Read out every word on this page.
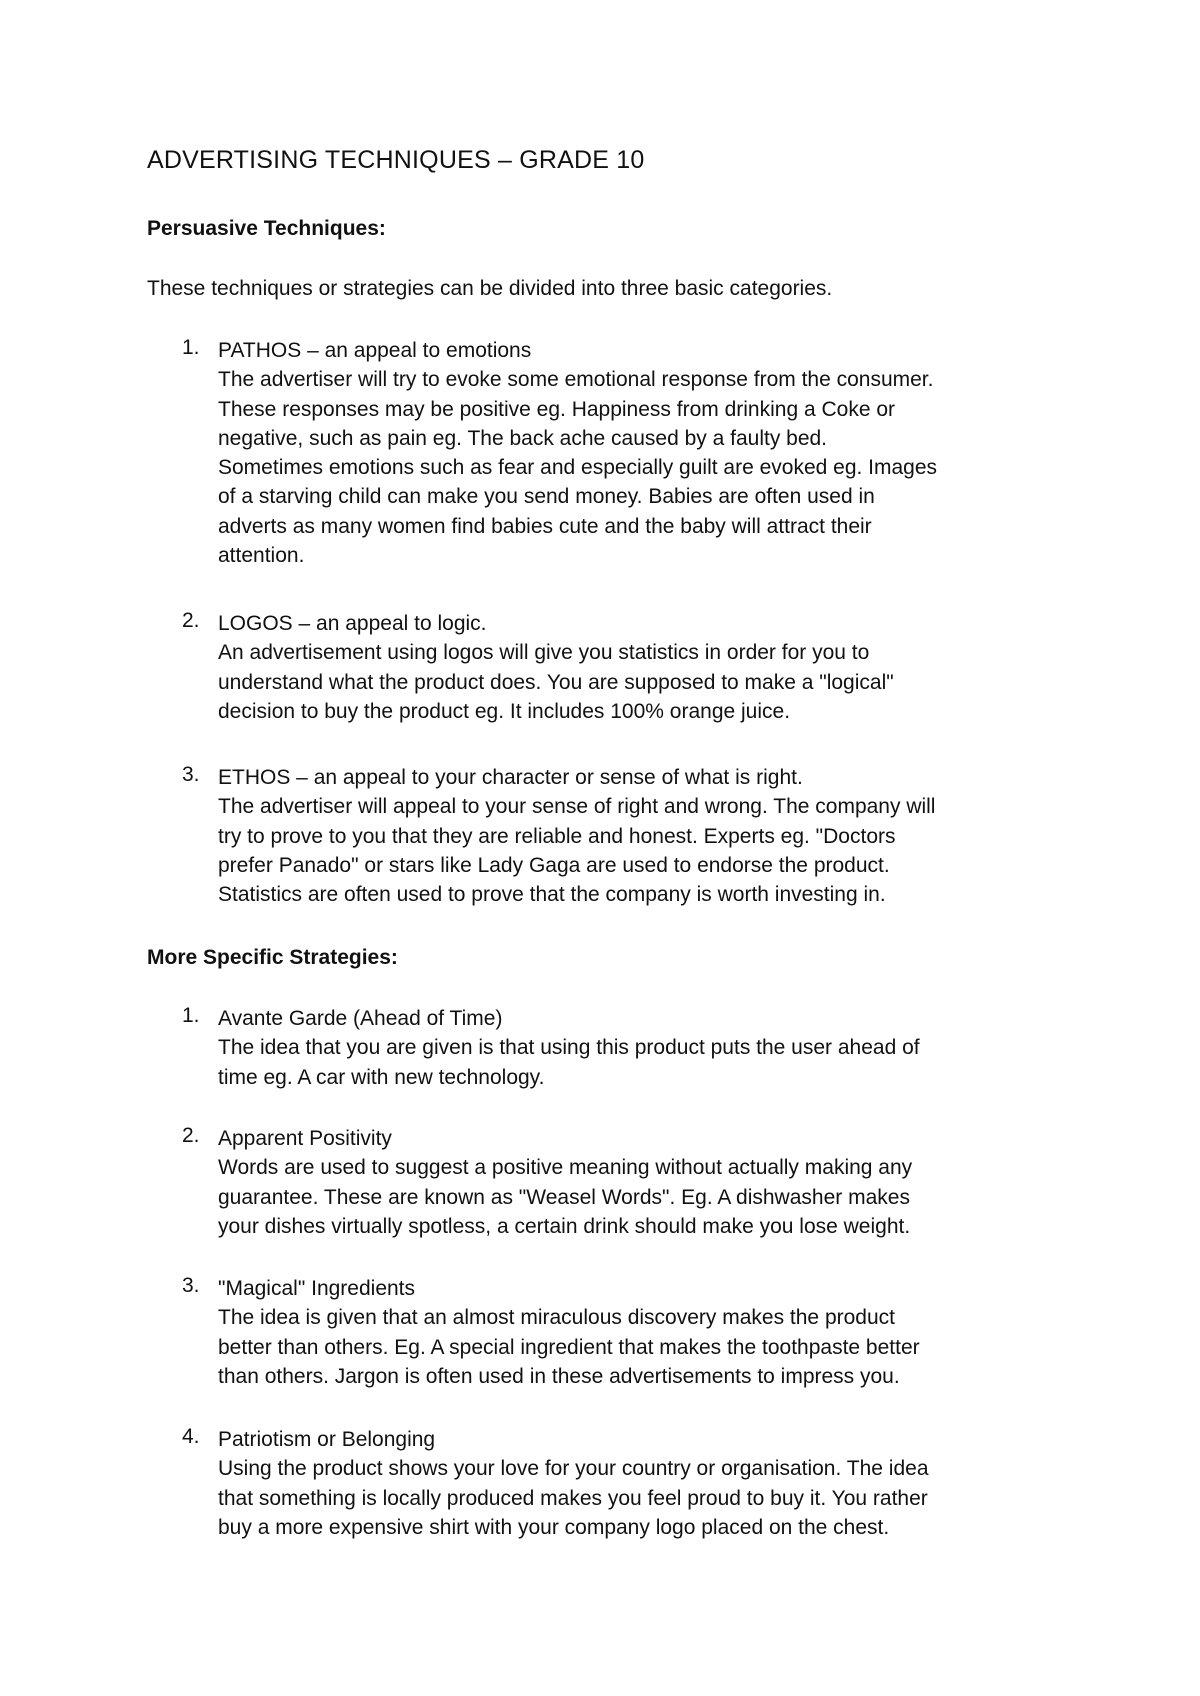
ADVERTISING TECHNIQUES – GRADE 10
Persuasive Techniques:

These techniques or strategies can be divided into three basic categories.

1. PATHOS – an appeal to emotions
The advertiser will try to evoke some emotional response from the consumer.
These responses may be positive eg. Happiness from drinking a Coke or
negative, such as pain eg. The back ache caused by a faulty bed.
Sometimes emotions such as fear and especially guilt are evoked eg. Images
of a starving child can make you send money. Babies are often used in
adverts as many women find babies cute and the baby will attract their
attention.
2. LOGOS – an appeal to logic.
An advertisement using logos will give you statistics in order for you to
understand what the product does. You are supposed to make a "logical"
decision to buy the product eg. It includes 100% orange juice.
3. ETHOS – an appeal to your character or sense of what is right.
The advertiser will appeal to your sense of right and wrong. The company will
try to prove to you that they are reliable and honest. Experts eg. "Doctors
prefer Panado" or stars like Lady Gaga are used to endorse the product.
Statistics are often used to prove that the company is worth investing in.
More Specific Strategies:
1. Avante Garde (Ahead of Time)
The idea that you are given is that using this product puts the user ahead of
time eg. A car with new technology.
2. Apparent Positivity
Words are used to suggest a positive meaning without actually making any
guarantee. These are known as "Weasel Words". Eg. A dishwasher makes
your dishes virtually spotless, a certain drink should make you lose weight.
3. "Magical" Ingredients
The idea is given that an almost miraculous discovery makes the product
better than others. Eg. A special ingredient that makes the toothpaste better
than others. Jargon is often used in these advertisements to impress you.
4. Patriotism or Belonging
Using the product shows your love for your country or organisation. The idea
that something is locally produced makes you feel proud to buy it. You rather
buy a more expensive shirt with your company logo placed on the chest.
